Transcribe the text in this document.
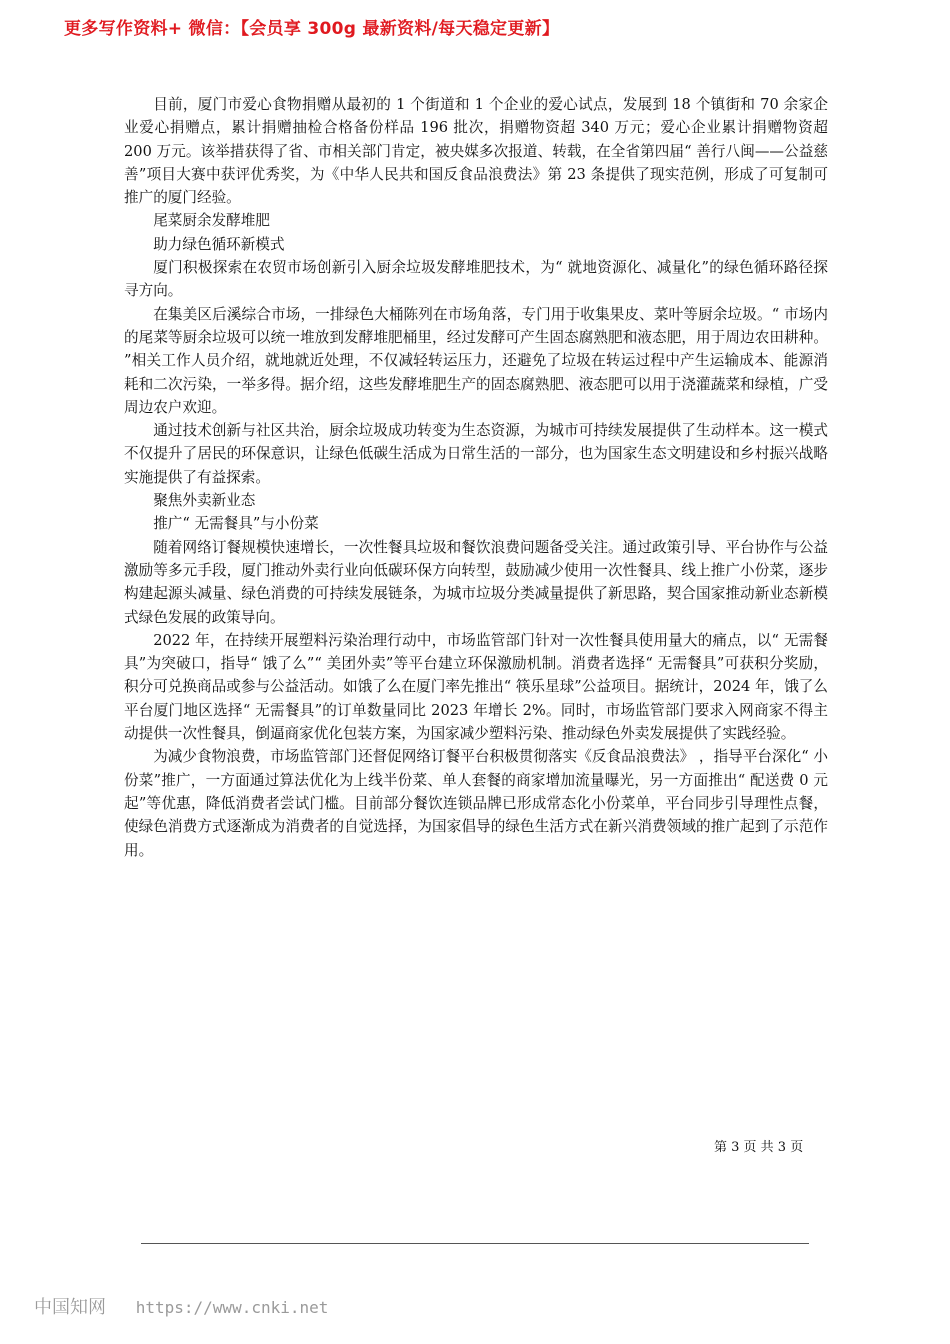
更多写作资料+ 微信：【会员享 300g 最新资料/每天稳定更新】

目前，厦门市爱心食物捐赠从最初的 1 个街道和 1 个企业的爱心试点，发展到 18 个镇街和 70 余家企业爱心捐赠点，累计捐赠抽检合格备份样品 196 批次，捐赠物资超 340 万元；爱心企业累计捐赠物资超 200 万元。该举措获得了省、市相关部门肯定，被央媒多次报道、转载，在全省第四届“ 善行八闽——公益慈善”项目大赛中获评优秀奖，为《中华人民共和国反食品浪费法》第 23 条提供了现实范例，形成了可复制可推广的厦门经验。

尾菜厨余发酵堆肥

助力绿色循环新模式

厦门积极探索在农贸市场创新引入厨余垃圾发酵堆肥技术，为“ 就地资源化、减量化”的绿色循环路径探寻方向。

在集美区后溪综合市场，一排绿色大桶陈列在市场角落，专门用于收集果皮、菜叶等厨余垃圾。“ 市场内的尾菜等厨余垃圾可以统一堆放到发酵堆肥桶里，经过发酵可产生固态腐熟肥和液态肥，用于周边农田耕种。 ”相关工作人员介绍，就地就近处理，不仅减轻转运压力，还避免了垃圾在转运过程中产生运输成本、能源消耗和二次污染，一举多得。据介绍，这些发酵堆肥生产的固态腐熟肥、液态肥可以用于浇灌蔬菜和绿植，广受周边农户欢迎。

通过技术创新与社区共治，厨余垃圾成功转变为生态资源，为城市可持续发展提供了生动样本。这一模式不仅提升了居民的环保意识，让绿色低碳生活成为日常生活的一部分，也为国家生态文明建设和乡村振兴战略实施提供了有益探索。

聚焦外卖新业态

推广“ 无需餐具”与小份菜

随着网络订餐规模快速增长，一次性餐具垃圾和餐饮浪费问题备受关注。通过政策引导、平台协作与公益激励等多元手段，厦门推动外卖行业向低碳环保方向转型，鼓励减少使用一次性餐具、线上推广小份菜，逐步构建起源头减量、绿色消费的可持续发展链条，为城市垃圾分类减量提供了新思路，契合国家推动新业态新模式绿色发展的政策导向。

2022 年，在持续开展塑料污染治理行动中，市场监管部门针对一次性餐具使用量大的痛点，以“ 无需餐具”为突破口，指导“ 饿了么”“ 美团外卖”等平台建立环保激励机制。消费者选择“ 无需餐具”可获积分奖励，积分可兑换商品或参与公益活动。如饿了么在厦门率先推出“ 筷乐星球”公益项目。据统计，2024 年，饿了么平台厦门地区选择“ 无需餐具”的订单数量同比 2023 年增长 2%。同时，市场监管部门要求入网商家不得主动提供一次性餐具，倒逼商家优化包装方案，为国家减少塑料污染、推动绿色外卖发展提供了实践经验。

为减少食物浪费，市场监管部门还督促网络订餐平台积极贯彻落实《反食品浪费法》 ，指导平台深化“ 小份菜”推广，一方面通过算法优化为上线半份菜、单人套餐的商家增加流量曝光，另一方面推出“ 配送费 0 元起”等优惠，降低消费者尝试门槛。目前部分餐饮连锁品牌已形成常态化小份菜单，平台同步引导理性点餐，使绿色消费方式逐渐成为消费者的自觉选择，为国家倡导的绿色生活方式在新兴消费领域的推广起到了示范作用。

第 3 页 共 3 页
中国知网 https://www.cnki.net
